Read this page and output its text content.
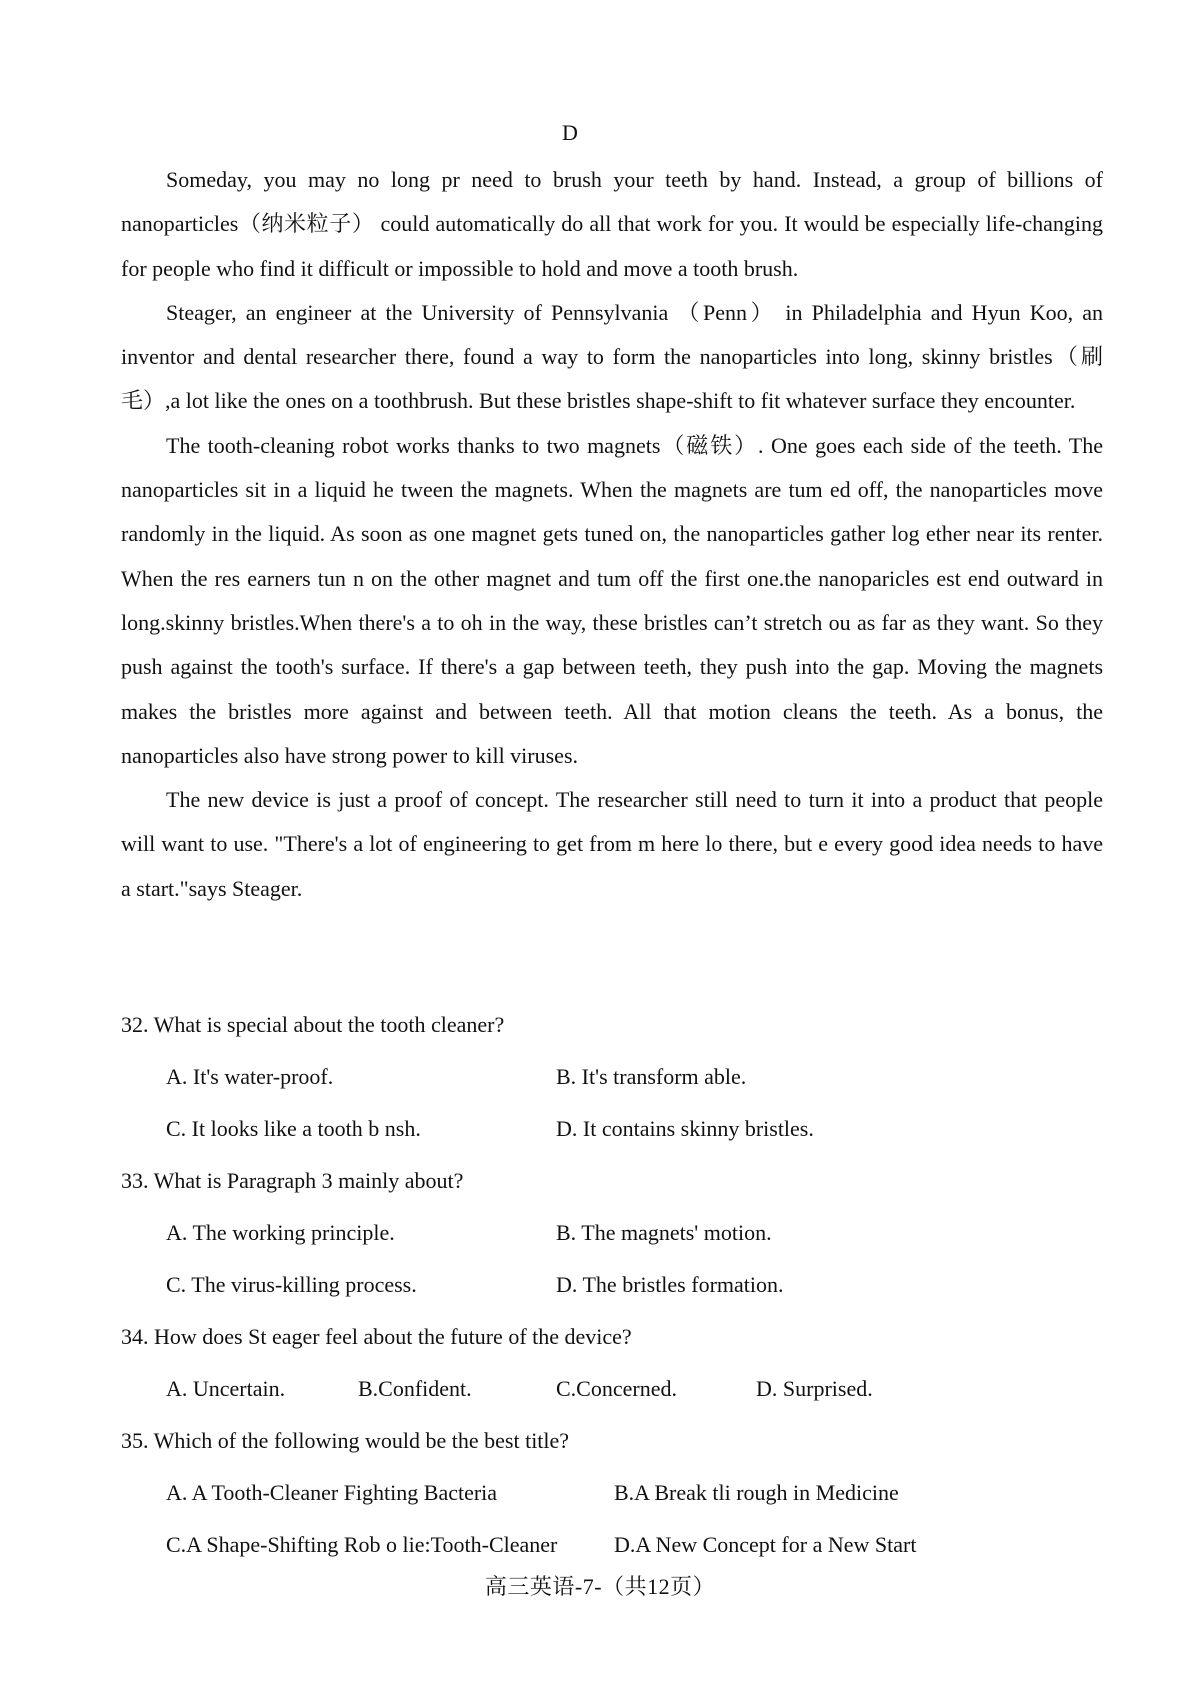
D

Someday, you may no long pr need to brush your teeth by hand. Instead, a group of billions of nanoparticles（纳米粒子） could automatically do all that work for you. It would be especially life-changing for people who find it difficult or impossible to hold and move a tooth brush.

Steager, an engineer at the University of Pennsylvania （Penn） in Philadelphia and Hyun Koo, an inventor and dental researcher there, found a way to form the nanoparticles into long, skinny bristles（刷毛）,a lot like the ones on a toothbrush. But these bristles shape-shift to fit whatever surface they encounter.

The tooth-cleaning robot works thanks to two magnets（磁铁）. One goes each side of the teeth. The nanoparticles sit in a liquid he tween the magnets. When the magnets are tum ed off, the nanoparticles move randomly in the liquid. As soon as one magnet gets tuned on, the nanoparticles gather log ether near its renter. When the res earners tun n on the other magnet and tum off the first one.the nanoparicles est end outward in long.skinny bristles.When there's a to oh in the way, these bristles can’t stretch ou as far as they want. So they push against the tooth's surface. If there's a gap between teeth, they push into the gap. Moving the magnets makes the bristles more against and between teeth. All that motion cleans the teeth. As a bonus, the nanoparticles also have strong power to kill viruses.

The new device is just a proof of concept. The researcher still need to turn it into a product that people will want to use. "There's a lot of engineering to get from m here lo there, but e every good idea needs to have a start."says Steager.

32. What is special about the tooth cleaner?
A. It's water-proof.	B. It's transform able.
C. It looks like a tooth b nsh.	D. It contains skinny bristles.
33. What is Paragraph 3 mainly about?
A. The working principle.	B. The magnets' motion.
C. The virus-killing process.	D. The bristles formation.
34. How does St eager feel about the future of the device?
A. Uncertain.	B.Confident.	C.Concerned.	D. Surprised.
35. Which of the following would be the best title?
A. A Tooth-Cleaner Fighting Bacteria	B.A Break tli rough in Medicine
C.A Shape-Shifting Rob o lie:Tooth-Cleaner	D.A New Concept for a New Start
高三英语-7-（共12页）
